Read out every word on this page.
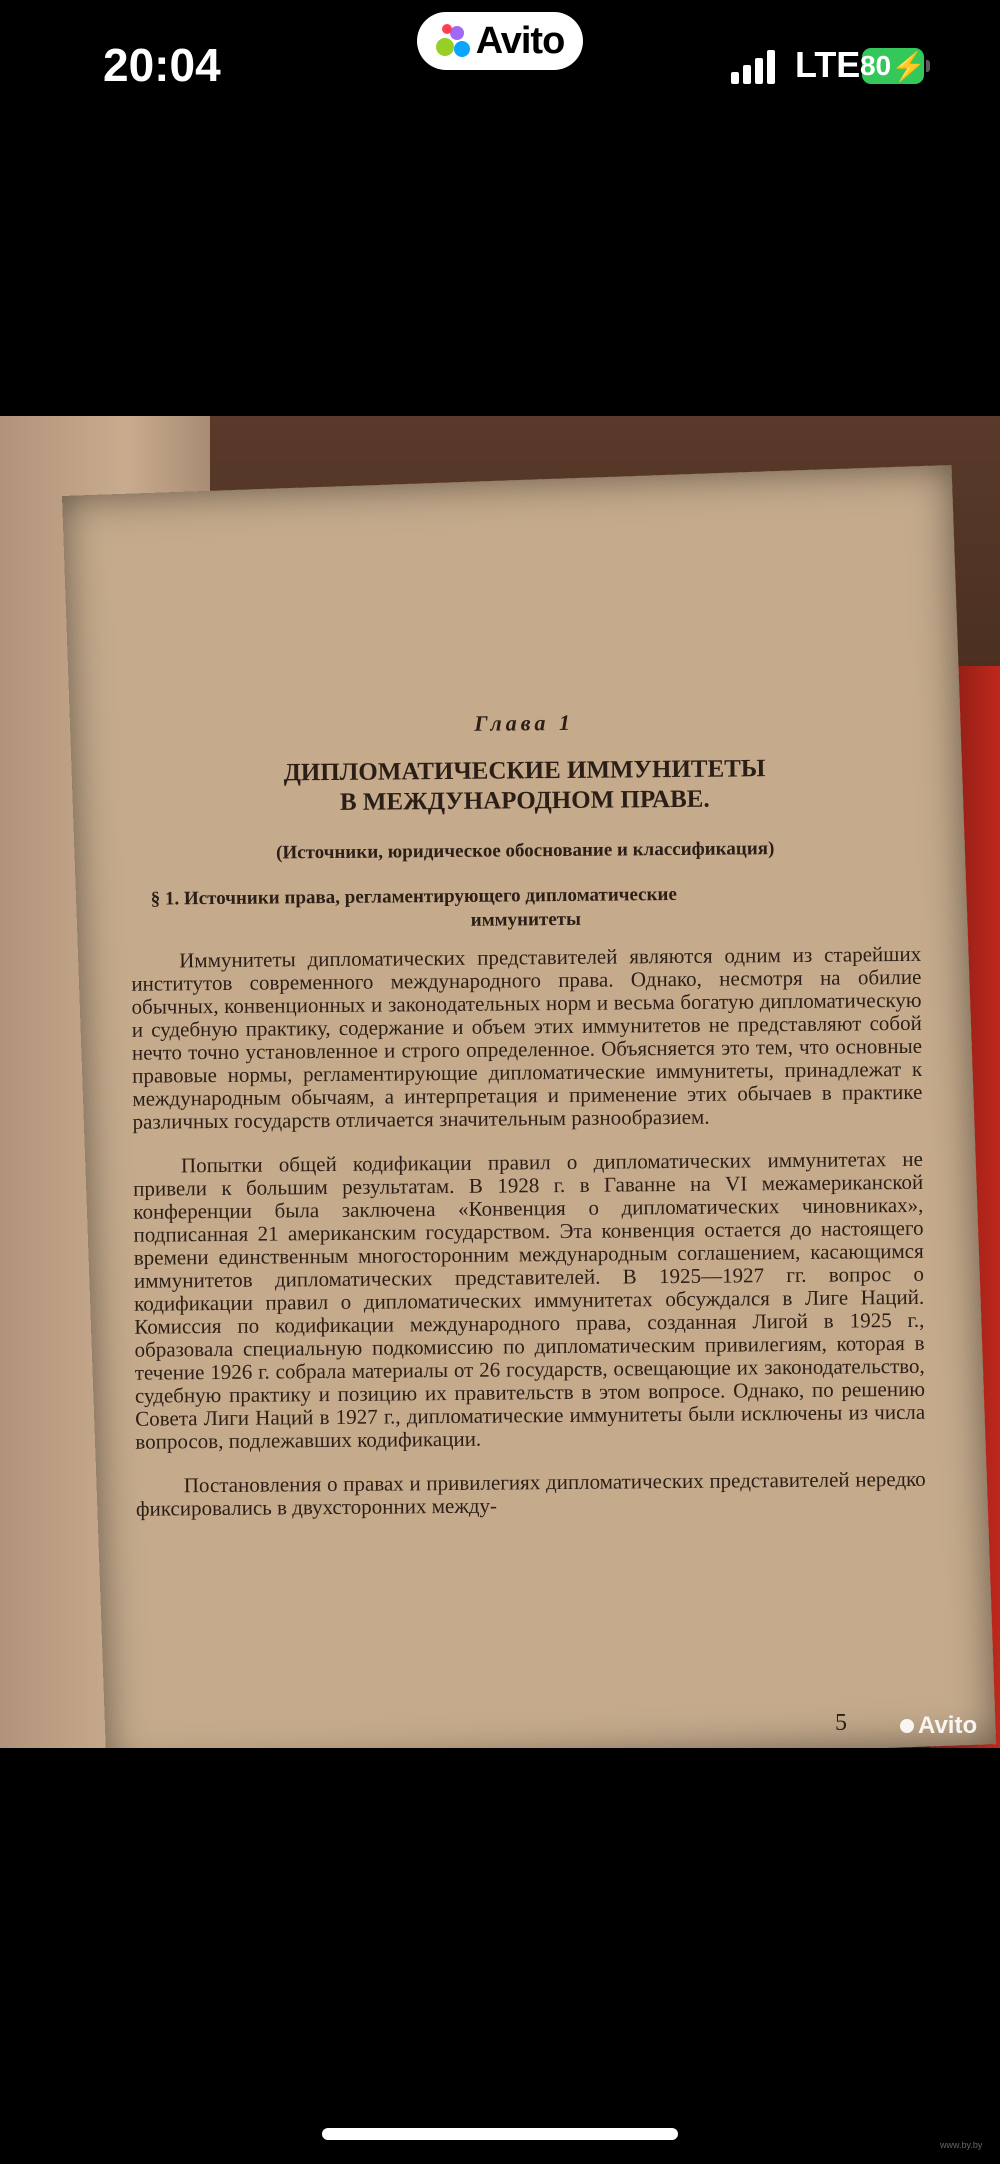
20:04	Avito
LTE 80 ⚡
Глава 1
ДИПЛОМАТИЧЕСКИЕ ИММУНИТЕТЫ
В МЕЖДУНАРОДНОМ ПРАВЕ.
(Источники, юридическое обоснование и классификация)
§ 1. Источники права, регламентирующего дипломатические
иммунитеты

Иммунитеты дипломатических представителей являются одним из старейших институтов современного международного права. Однако, несмотря на обилие обычных, конвенционных и законодательных норм и весьма богатую дипломатическую и судебную практику, содержание и объем этих иммунитетов не представляют собой нечто точно установленное и строго определенное. Объясняется это тем, что основные правовые нормы, регламентирующие дипломатические иммунитеты, принадлежат к международным обычаям, а интерпретация и применение этих обычаев в практике различных государств отличается значительным разнообразием.

Попытки общей кодификации правил о дипломатических иммунитетах не привели к большим результатам. В 1928 г. в Гаванне на VI межамериканской конференции была заключена «Конвенция о дипломатических чиновниках», подписанная 21 американским государством. Эта конвенция остается до настоящего времени единственным многосторонним международным соглашением, касающимся иммунитетов дипломатических представителей. В 1925—1927 гг. вопрос о кодификации правил о дипломатических иммунитетах обсуждался в Лиге Наций. Комиссия по кодификации международного права, созданная Лигой в 1925 г., образовала специальную подкомиссию по дипломатическим привилегиям, которая в течение 1926 г. собрала материалы от 26 государств, освещающие их законодательство, судебную практику и позицию их правительств в этом вопросе. Однако, по решению Совета Лиги Наций в 1927 г., дипломатические иммунитеты были исключены из числа вопросов, подлежавших кодификации.

Постановления о правах и привилегиях дипломатических представителей нередко фиксировались в двухсторонних между-

5	Avito
www.by.by
